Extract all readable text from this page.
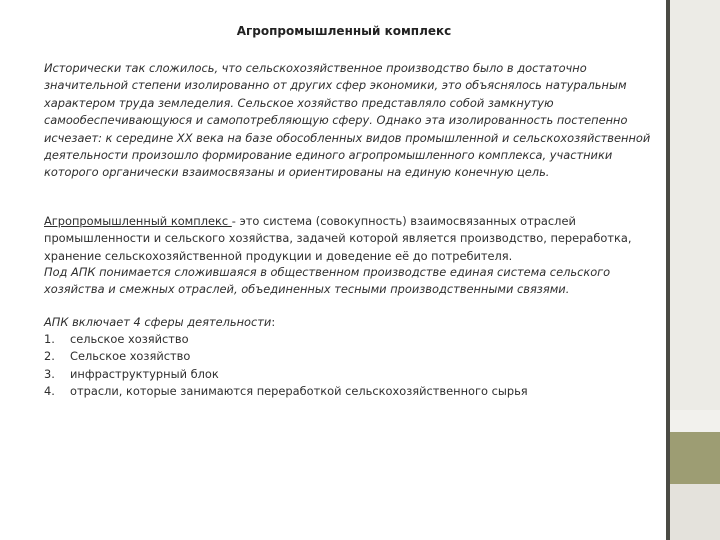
Агропромышленный комплекс
Исторически так сложилось, что сельскохозяйственное производство было в достаточно значительной степени изолированно от других сфер экономики, это объяснялось натуральным характером труда земледелия. Сельское хозяйство представляло собой замкнутую самообеспечивающуюся и самопотребляющую сферу. Однако эта изолированность постепенно исчезает: к середине XX века на базе обособленных видов промышленной и сельскохозяйственной деятельности произошло формирование единого агропромышленного комплекса, участники которого органически взаимосвязаны и ориентированы на единую конечную цель.
Агропромышленный комплекс - это система (совокупность) взаимосвязанных отраслей промышленности и сельского хозяйства, задачей которой является производство, переработка, хранение сельскохозяйственной продукции и доведение её до потребителя.
Под АПК понимается сложившаяся в общественном производстве единая система сельского хозяйства и смежных отраслей, объединенных тесными производственными связями.
АПК включает 4 сферы деятельности:
1.	сельское хозяйство
2.	Сельское хозяйство
3.	инфраструктурный блок
4.	отрасли, которые занимаются переработкой сельскохозяйственного сырья
